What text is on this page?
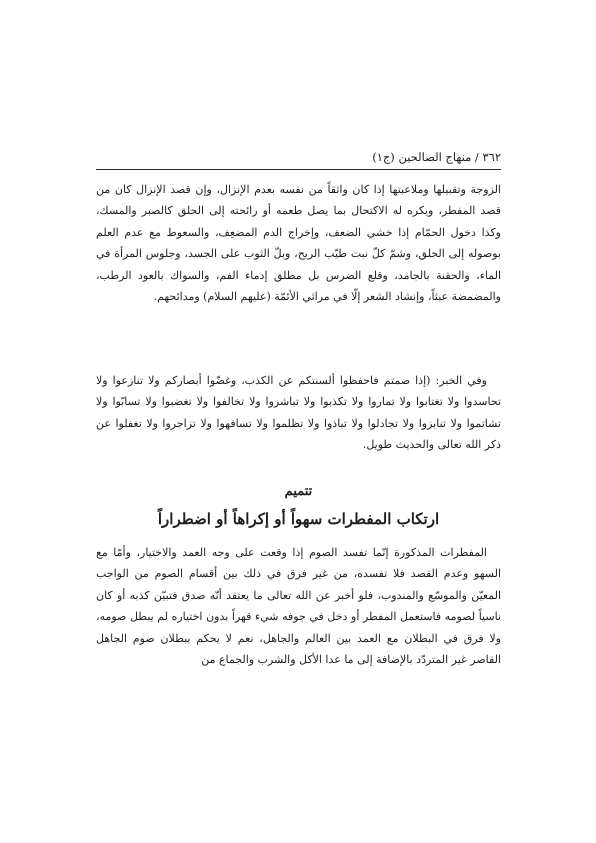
٣٦٢ / منهاج الصالحين (ج١)

الزوجة وتقبيلها وملاعبتها إذا كان واثقاً من نفسه بعدم الإنزال، وإن قصد الإنزال كان من قصد المفطر، ويكره له الاكتحال بما يصل طعمه أو رائحته إلى الحلق كالصبر والمسك، وكذا دخول الحمّام إذا خشي الضعف، وإخراج الدم المضعِف، والسعوط مع عدم العلم بوصوله إلى الحلق، وشمّ كلّ نبت طيّب الريح، وبلّ الثوب على الجسد، وجلوس المرأة في الماء، والحقنة بالجامد، وقلع الضرس بل مطلق إدماء الفم، والسواك بالعود الرطب، والمضمضة عبثاً، وإنشاد الشعر إلّا في مراثي الأئمّة (عليهم السلام) ومدائحهم.

وفي الخبر: (إذا صمتم فاحفظوا ألسنتكم عن الكذب، وغضّوا أبصاركم ولا تنازعوا ولا تحاسدوا ولا تغتابوا ولا تماروا ولا تكذبوا ولا تباشروا ولا تخالفوا ولا تغضبوا ولا تسابّوا ولا تشاتموا ولا تنابزوا ولا تجادلوا ولا تباذوا ولا تظلموا ولا تسافهوا ولا تزاجروا ولا تغفلوا عن ذكر الله تعالى والحديث طويل.

تتميم
ارتكاب المفطرات سهواً أو إكراهاً أو اضطراراً

المفطرات المذكورة إنّما تفسد الصوم إذا وقعت على وجه العمد والاختيار، وأمّا مع السهو وعدم القصد فلا تفسده، من غير فرق في ذلك بين أقسام الصوم من الواجب المعيّن والموسّع والمندوب، فلو أخبر عن الله تعالى ما يعتقد أنّه صدق فتبيّن كذبه أو كان ناسياً لصومه فاستعمل المفطر أو دخل في جوفه شيء قهراً بدون اختياره لم يبطل صومه، ولا فرق في البطلان مع العمد بين العالم والجاهل، نعم لا يحكم ببطلان صوم الجاهل القاصر غير المتردّد بالإضافة إلى ما عدا الأكل والشرب والجماع من
